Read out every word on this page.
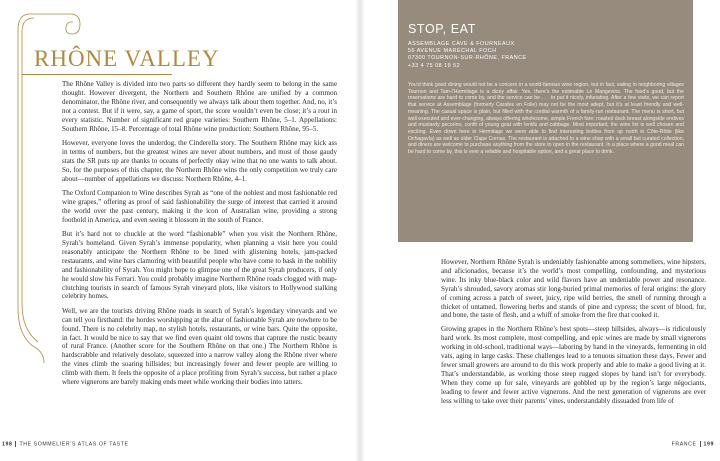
RHÔNE VALLEY

The Rhône Valley is divided into two parts so different they hardly seem to belong in the same thought. However divergent, the Northern and Southern Rhône are unified by a common denominator, the Rhône river, and consequently we always talk about them together. And, no, it’s not a contest. But if it were, say, a game of sport, the score wouldn’t even be close; it’s a rout in every statistic. Number of significant red grape varieties: Southern Rhône, 5–1. Appellations: Southern Rhône, 15–8. Percentage of total Rhône wine production: Southern Rhône, 95–5.

However, everyone loves the underdog, the Cinderella story. The Southern Rhône may kick ass in terms of numbers, but the greatest wines are never about numbers, and most of those gaudy stats the SR puts up are thanks to oceans of perfectly okay wine that no one wants to talk about. So, for the purposes of this chapter, the Northern Rhône wins the only competition we truly care about—number of appellations we discuss: Northern Rhône, 4–1.

The Oxford Companion to Wine describes Syrah as “one of the noblest and most fashionable red wine grapes,” offering as proof of said fashionability the surge of interest that carried it around the world over the past century, making it the icon of Australian wine, providing a strong foothold in America, and even seeing it blossom in the south of France.

But it’s hard not to chuckle at the word “fashionable” when you visit the Northern Rhône, Syrah’s homeland. Given Syrah’s immense popularity, when planning a visit here you could reasonably anticipate the Northern Rhône to be lined with glistening hotels, jam-packed restaurants, and wine bars clamoring with beautiful people who have come to bask in the nobility and fashionability of Syrah. You might hope to glimpse one of the great Syrah producers, if only he would slow his Ferrari. You could probably imagine Northern Rhône roads clogged with map-clutching tourists in search of famous Syrah vineyard plots, like visitors to Hollywood stalking celebrity homes.

Well, we are the tourists driving Rhône roads in search of Syrah’s legendary vineyards and we can tell you firsthand: the hordes worshipping at the altar of fashionable Syrah are nowhere to be found. There is no celebrity map, no stylish hotels, restaurants, or wine bars. Quite the opposite, in fact. It would be nice to say that we find even quaint old towns that capture the rustic beauty of rural France. (Another score for the Southern Rhône on that one.) The Northern Rhône is hardscrabble and relatively desolate, squeezed into a narrow valley along the Rhône river where the vines climb the soaring hillsides; but increasingly fewer and fewer people are willing to climb with them. It feels the opposite of a place profiting from Syrah’s success, but rather a place where vignerons are barely making ends meet while working their bodies into tatters.

198 THE SOMMELIER’S ATLAS OF TASTE
STOP, EAT
ASSEMBLAGE CAVE & FOURNEAUX
56 AVENUE MARÉCHAL FOCH
07300 TOURNON-SUR-RHÔNE, FRANCE
+33 4 75 08 19 52

You’d think good dining would not be a concern in a world-famous wine region, but in fact, eating in neighboring villages Tournon and Tain-l’Hermitage is a dicey affair. Yes, there’s the estimable Le Mangevins. The food’s good, but the reservations are hard to come by, and the service can be . . . to put it nicely, infuriating. After a few visits, we can report that service at Assemblage (formerly Carafes en Folie) may not be the most adept, but it’s at least friendly and well-meaning. The casual space is plain, but filled with the cordial warmth of a family-run restaurant. The menu is short, but well executed and ever-changing, always offering wholesome, simple French fare: roasted duck breast alongside endives and mustardy pecorino, confit of young goat with lentils and cabbage. Most important, the wine list is well chosen and exciting. Even down here in Hermitage we were able to find interesting bottles from up north in Côte-Rôtie (like Ochagavía) as well as older Clape Cornas. The restaurant is attached to a wine shop with a small but curated collection, and diners are welcome to purchase anything from the store to open in the restaurant. In a place where a good meal can be hard to come by, this is ever a reliable and hospitable option, and a great place to drink.

However, Northern Rhône Syrah is undeniably fashionable among sommeliers, wine hipsters, and aficionados, because it’s the world’s most compelling, confounding, and mysterious wine. Its inky blue-black color and wild flavors have an undeniable power and resonance. Syrah’s shrouded, savory aromas stir long-buried primal memories of feral origins: the glory of coming across a patch of sweet, juicy, ripe wild berries, the smell of running through a thicket of untamed, flowering herbs and stands of pine and cypress; the scent of blood, fur, and bone, the taste of flesh, and a whiff of smoke from the fire that cooked it.

Growing grapes in the Northern Rhône’s best spots—steep hillsides, always—is ridiculously hard work. Its most complete, most compelling, and epic wines are made by small vignerons working in old-school, traditional ways—laboring by hand in the vineyards, fermenting in old vats, aging in large casks. These challenges lead to a tenuous situation these days. Fewer and fewer small growers are around to do this work properly and able to make a good living at it. That’s understandable, as working those steep rugged slopes by hand isn’t for everybody. When they come up for sale, vineyards are gobbled up by the region’s large négociants, leading to fewer and fewer active vignerons. And the next generation of vignerons are ever less willing to take over their parents’ vines, understandably dissuaded from life of

FRANCE 199
